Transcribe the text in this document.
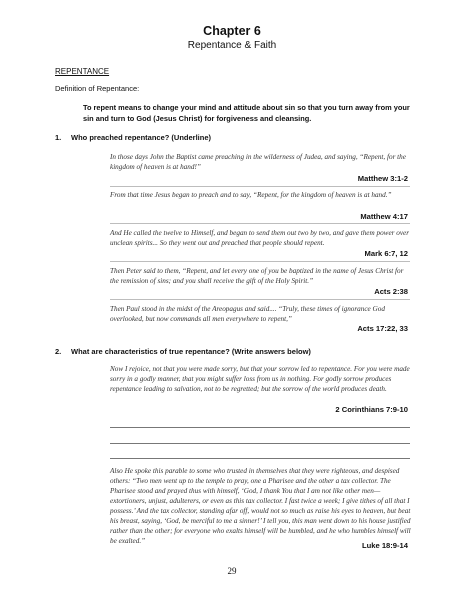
Chapter 6
Repentance & Faith
REPENTANCE
Definition of Repentance:
To repent means to change your mind and attitude about sin so that you turn away from your sin and turn to God (Jesus Christ) for forgiveness and cleansing.
1. Who preached repentance? (Underline)
In those days John the Baptist came preaching in the wilderness of Judea, and saying, “Repent, for the kingdom of heaven is at hand!”
Matthew 3:1-2
From that time Jesus began to preach and to say, “Repent, for the kingdom of heaven is at hand.”
Matthew 4:17
And He called the twelve to Himself, and began to send them out two by two, and gave them power over unclean spirits... So they went out and preached that people should repent.
Mark 6:7, 12
Then Peter said to them, “Repent, and let every one of you be baptized in the name of Jesus Christ for the remission of sins; and you shall receive the gift of the Holy Spirit.”
Acts 2:38
Then Paul stood in the midst of the Areopagus and said.... “Truly, these times of ignorance God overlooked, but now commands all men everywhere to repent,”
Acts 17:22, 33
2. What are characteristics of true repentance? (Write answers below)
Now I rejoice, not that you were made sorry, but that your sorrow led to repentance. For you were made sorry in a godly manner, that you might suffer loss from us in nothing. For godly sorrow produces repentance leading to salvation, not to be regretted; but the sorrow of the world produces death.
2 Corinthians 7:9-10
Also He spoke this parable to some who trusted in themselves that they were righteous, and despised others: “Two men went up to the temple to pray, one a Pharisee and the other a tax collector. The Pharisee stood and prayed thus with himself, ‘God, I thank You that I am not like other men—extortioners, unjust, adulterers, or even as this tax collector. I fast twice a week; I give tithes of all that I possess.’ And the tax collector, standing afar off, would not so much as raise his eyes to heaven, but beat his breast, saying, ‘God, be merciful to me a sinner!’ I tell you, this man went down to his house justified rather than the other; for everyone who exalts himself will be humbled, and he who humbles himself will be exalted.”	Luke 18:9-14
29
